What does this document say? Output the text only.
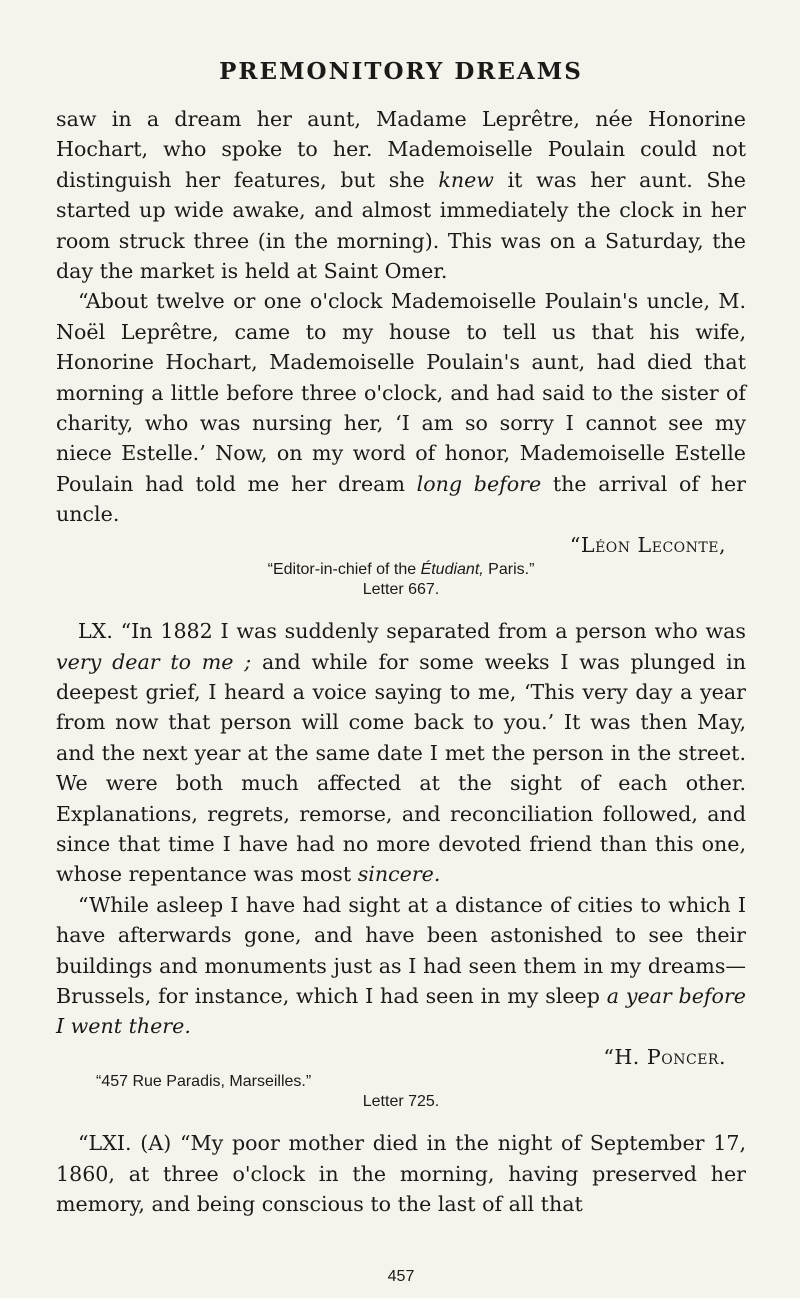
PREMONITORY DREAMS

saw in a dream her aunt, Madame Leprêtre, née Honorine Hochart, who spoke to her. Mademoiselle Poulain could not distinguish her features, but she knew it was her aunt. She started up wide awake, and almost immediately the clock in her room struck three (in the morning). This was on a Saturday, the day the market is held at Saint Omer.

“About twelve or one o'clock Mademoiselle Poulain's uncle, M. Noël Leprêtre, came to my house to tell us that his wife, Honorine Hochart, Mademoiselle Poulain's aunt, had died that morning a little before three o'clock, and had said to the sister of charity, who was nursing her, ‘I am so sorry I cannot see my niece Estelle.’ Now, on my word of honor, Mademoiselle Estelle Poulain had told me her dream long before the arrival of her uncle.

“Léon Leconte,

“Editor-in-chief of the Étudiant, Paris.”

Letter 667.

LX. “In 1882 I was suddenly separated from a person who was very dear to me ; and while for some weeks I was plunged in deepest grief, I heard a voice saying to me, ‘This very day a year from now that person will come back to you.’ It was then May, and the next year at the same date I met the person in the street. We were both much affected at the sight of each other. Explanations, regrets, remorse, and reconciliation followed, and since that time I have had no more devoted friend than this one, whose repentance was most sincere.

“While asleep I have had sight at a distance of cities to which I have afterwards gone, and have been astonished to see their buildings and monuments just as I had seen them in my dreams—Brussels, for instance, which I had seen in my sleep a year before I went there.

“H. Poncer.

“457 Rue Paradis, Marseilles.”

Letter 725.

“LXI. (A) “My poor mother died in the night of September 17, 1860, at three o'clock in the morning, having preserved her memory, and being conscious to the last of all that

457
